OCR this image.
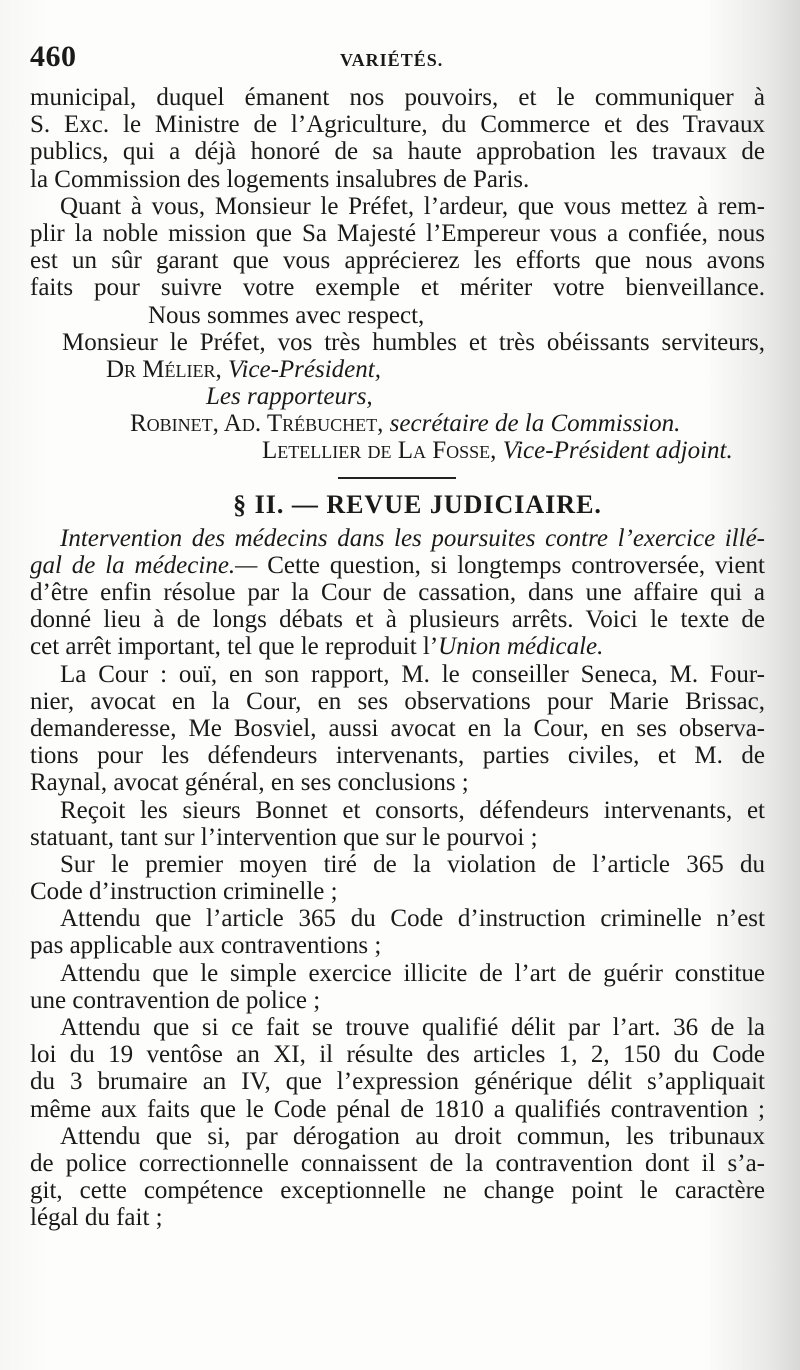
460	VARIÉTÉS.
municipal, duquel émanent nos pouvoirs, et le communiquer à
S. Exc. le Ministre de l’Agriculture, du Commerce et des Travaux
publics, qui a déjà honoré de sa haute approbation les travaux de
la Commission des logements insalubres de Paris.
Quant à vous, Monsieur le Préfet, l’ardeur, que vous mettez à rem-
plir la noble mission que Sa Majesté l’Empereur vous a confiée, nous
est un sûr garant que vous apprécierez les efforts que nous avons
faits pour suivre votre exemple et mériter votre bienveillance.
Nous sommes avec respect,
Monsieur le Préfet, vos très humbles et très obéissants serviteurs,
Dr Mélier, Vice-Président,
Les rapporteurs,
Robinet, Ad. Trébuchet, secrétaire de la Commission.
Letellier de La Fosse, Vice-Président adjoint.
§ II. — REVUE JUDICIAIRE.
Intervention des médecins dans les poursuites contre l’exercice illé-
gal de la médecine.— Cette question, si longtemps controversée, vient
d’être enfin résolue par la Cour de cassation, dans une affaire qui a
donné lieu à de longs débats et à plusieurs arrêts. Voici le texte de
cet arrêt important, tel que le reproduit l’Union médicale.
La Cour : ouï, en son rapport, M. le conseiller Seneca, M. Four-
nier, avocat en la Cour, en ses observations pour Marie Brissac,
demanderesse, Me Bosviel, aussi avocat en la Cour, en ses observa-
tions pour les défendeurs intervenants, parties civiles, et M. de
Raynal, avocat général, en ses conclusions ;
Reçoit les sieurs Bonnet et consorts, défendeurs intervenants, et
statuant, tant sur l’intervention que sur le pourvoi ;
Sur le premier moyen tiré de la violation de l’article 365 du
Code d’instruction criminelle ;
Attendu que l’article 365 du Code d’instruction criminelle n’est
pas applicable aux contraventions ;
Attendu que le simple exercice illicite de l’art de guérir constitue
une contravention de police ;
Attendu que si ce fait se trouve qualifié délit par l’art. 36 de la
loi du 19 ventôse an XI, il résulte des articles 1, 2, 150 du Code
du 3 brumaire an IV, que l’expression générique délit s’appliquait
même aux faits que le Code pénal de 1810 a qualifiés contravention ;
Attendu que si, par dérogation au droit commun, les tribunaux
de police correctionnelle connaissent de la contravention dont il s’a-
git, cette compétence exceptionnelle ne change point le caractère
légal du fait ;
